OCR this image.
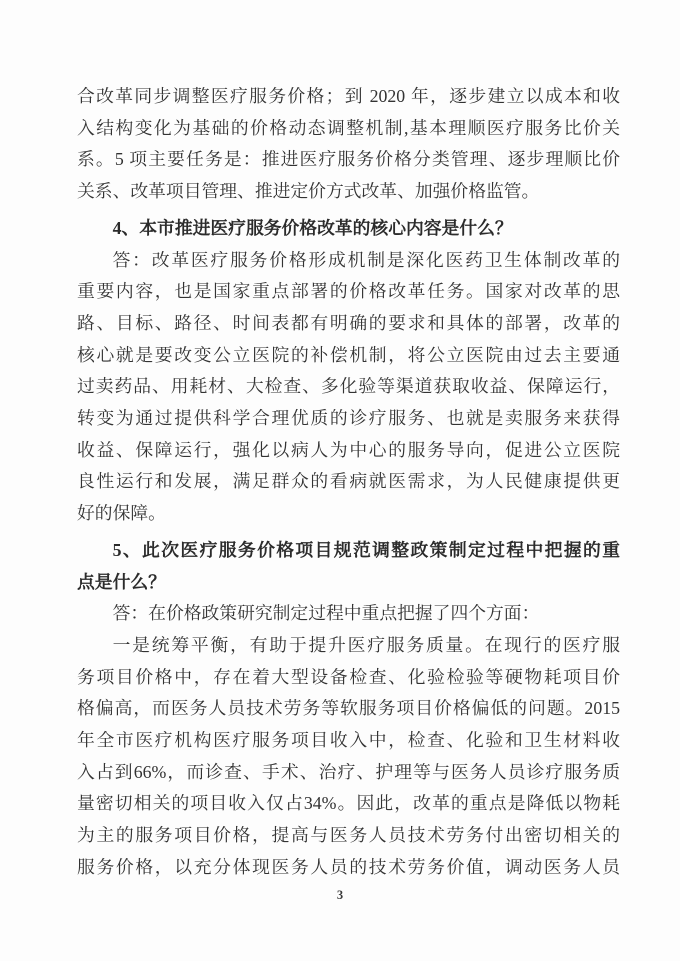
合改革同步调整医疗服务价格；到 2020 年，逐步建立以成本和收
入结构变化为基础的价格动态调整机制,基本理顺医疗服务比价关
系。5 项主要任务是：推进医疗服务价格分类管理、逐步理顺比价
关系、改革项目管理、推进定价方式改革、加强价格监管。
4、本市推进医疗服务价格改革的核心内容是什么？
答：改革医疗服务价格形成机制是深化医药卫生体制改革的
重要内容，也是国家重点部署的价格改革任务。国家对改革的思
路、目标、路径、时间表都有明确的要求和具体的部署，改革的
核心就是要改变公立医院的补偿机制，将公立医院由过去主要通
过卖药品、用耗材、大检查、多化验等渠道获取收益、保障运行，
转变为通过提供科学合理优质的诊疗服务、也就是卖服务来获得
收益、保障运行，强化以病人为中心的服务导向，促进公立医院
良性运行和发展，满足群众的看病就医需求，为人民健康提供更
好的保障。
5、此次医疗服务价格项目规范调整政策制定过程中把握的重
点是什么？
答：在价格政策研究制定过程中重点把握了四个方面：
一是统筹平衡，有助于提升医疗服务质量。在现行的医疗服
务项目价格中，存在着大型设备检查、化验检验等硬物耗项目价
格偏高，而医务人员技术劳务等软服务项目价格偏低的问题。2015
年全市医疗机构医疗服务项目收入中，检查、化验和卫生材料收
入占到66%，而诊查、手术、治疗、护理等与医务人员诊疗服务质
量密切相关的项目收入仅占34%。因此，改革的重点是降低以物耗
为主的服务项目价格，提高与医务人员技术劳务付出密切相关的
服务价格，以充分体现医务人员的技术劳务价值，调动医务人员
3
